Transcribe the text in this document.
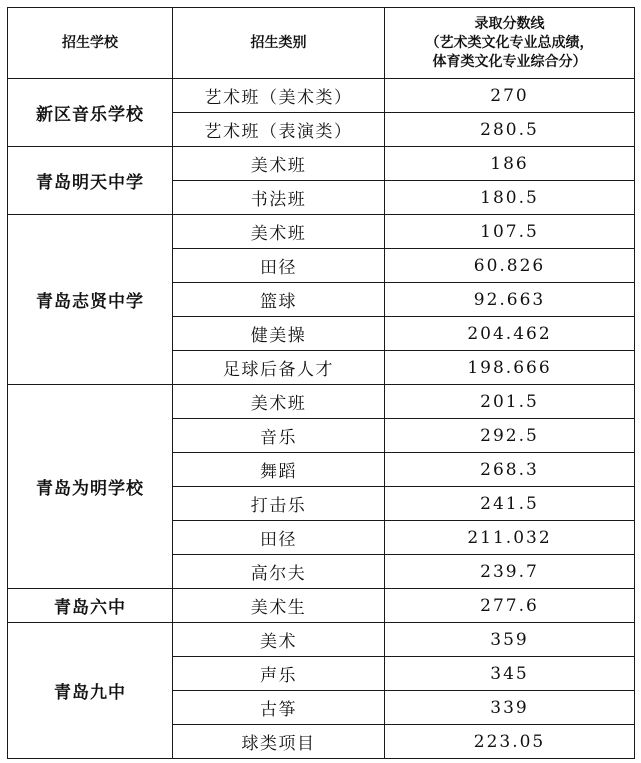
招生学校	招生类别	录取分数线
（艺术类文化专业总成绩，
体育类文化专业综合分）

新区音乐学校	艺术班（美术类）	270
	艺术班（表演类）	280.5
青岛明天中学	美术班	186
	书法班	180.5
青岛志贤中学	美术班	107.5
	田径	60.826
	篮球	92.663
	健美操	204.462
	足球后备人才	198.666
青岛为明学校	美术班	201.5
	音乐	292.5
	舞蹈	268.3
	打击乐	241.5
	田径	211.032
	高尔夫	239.7
青岛六中	美术生	277.6
青岛九中	美术	359
	声乐	345
	古筝	339
	球类项目	223.05
